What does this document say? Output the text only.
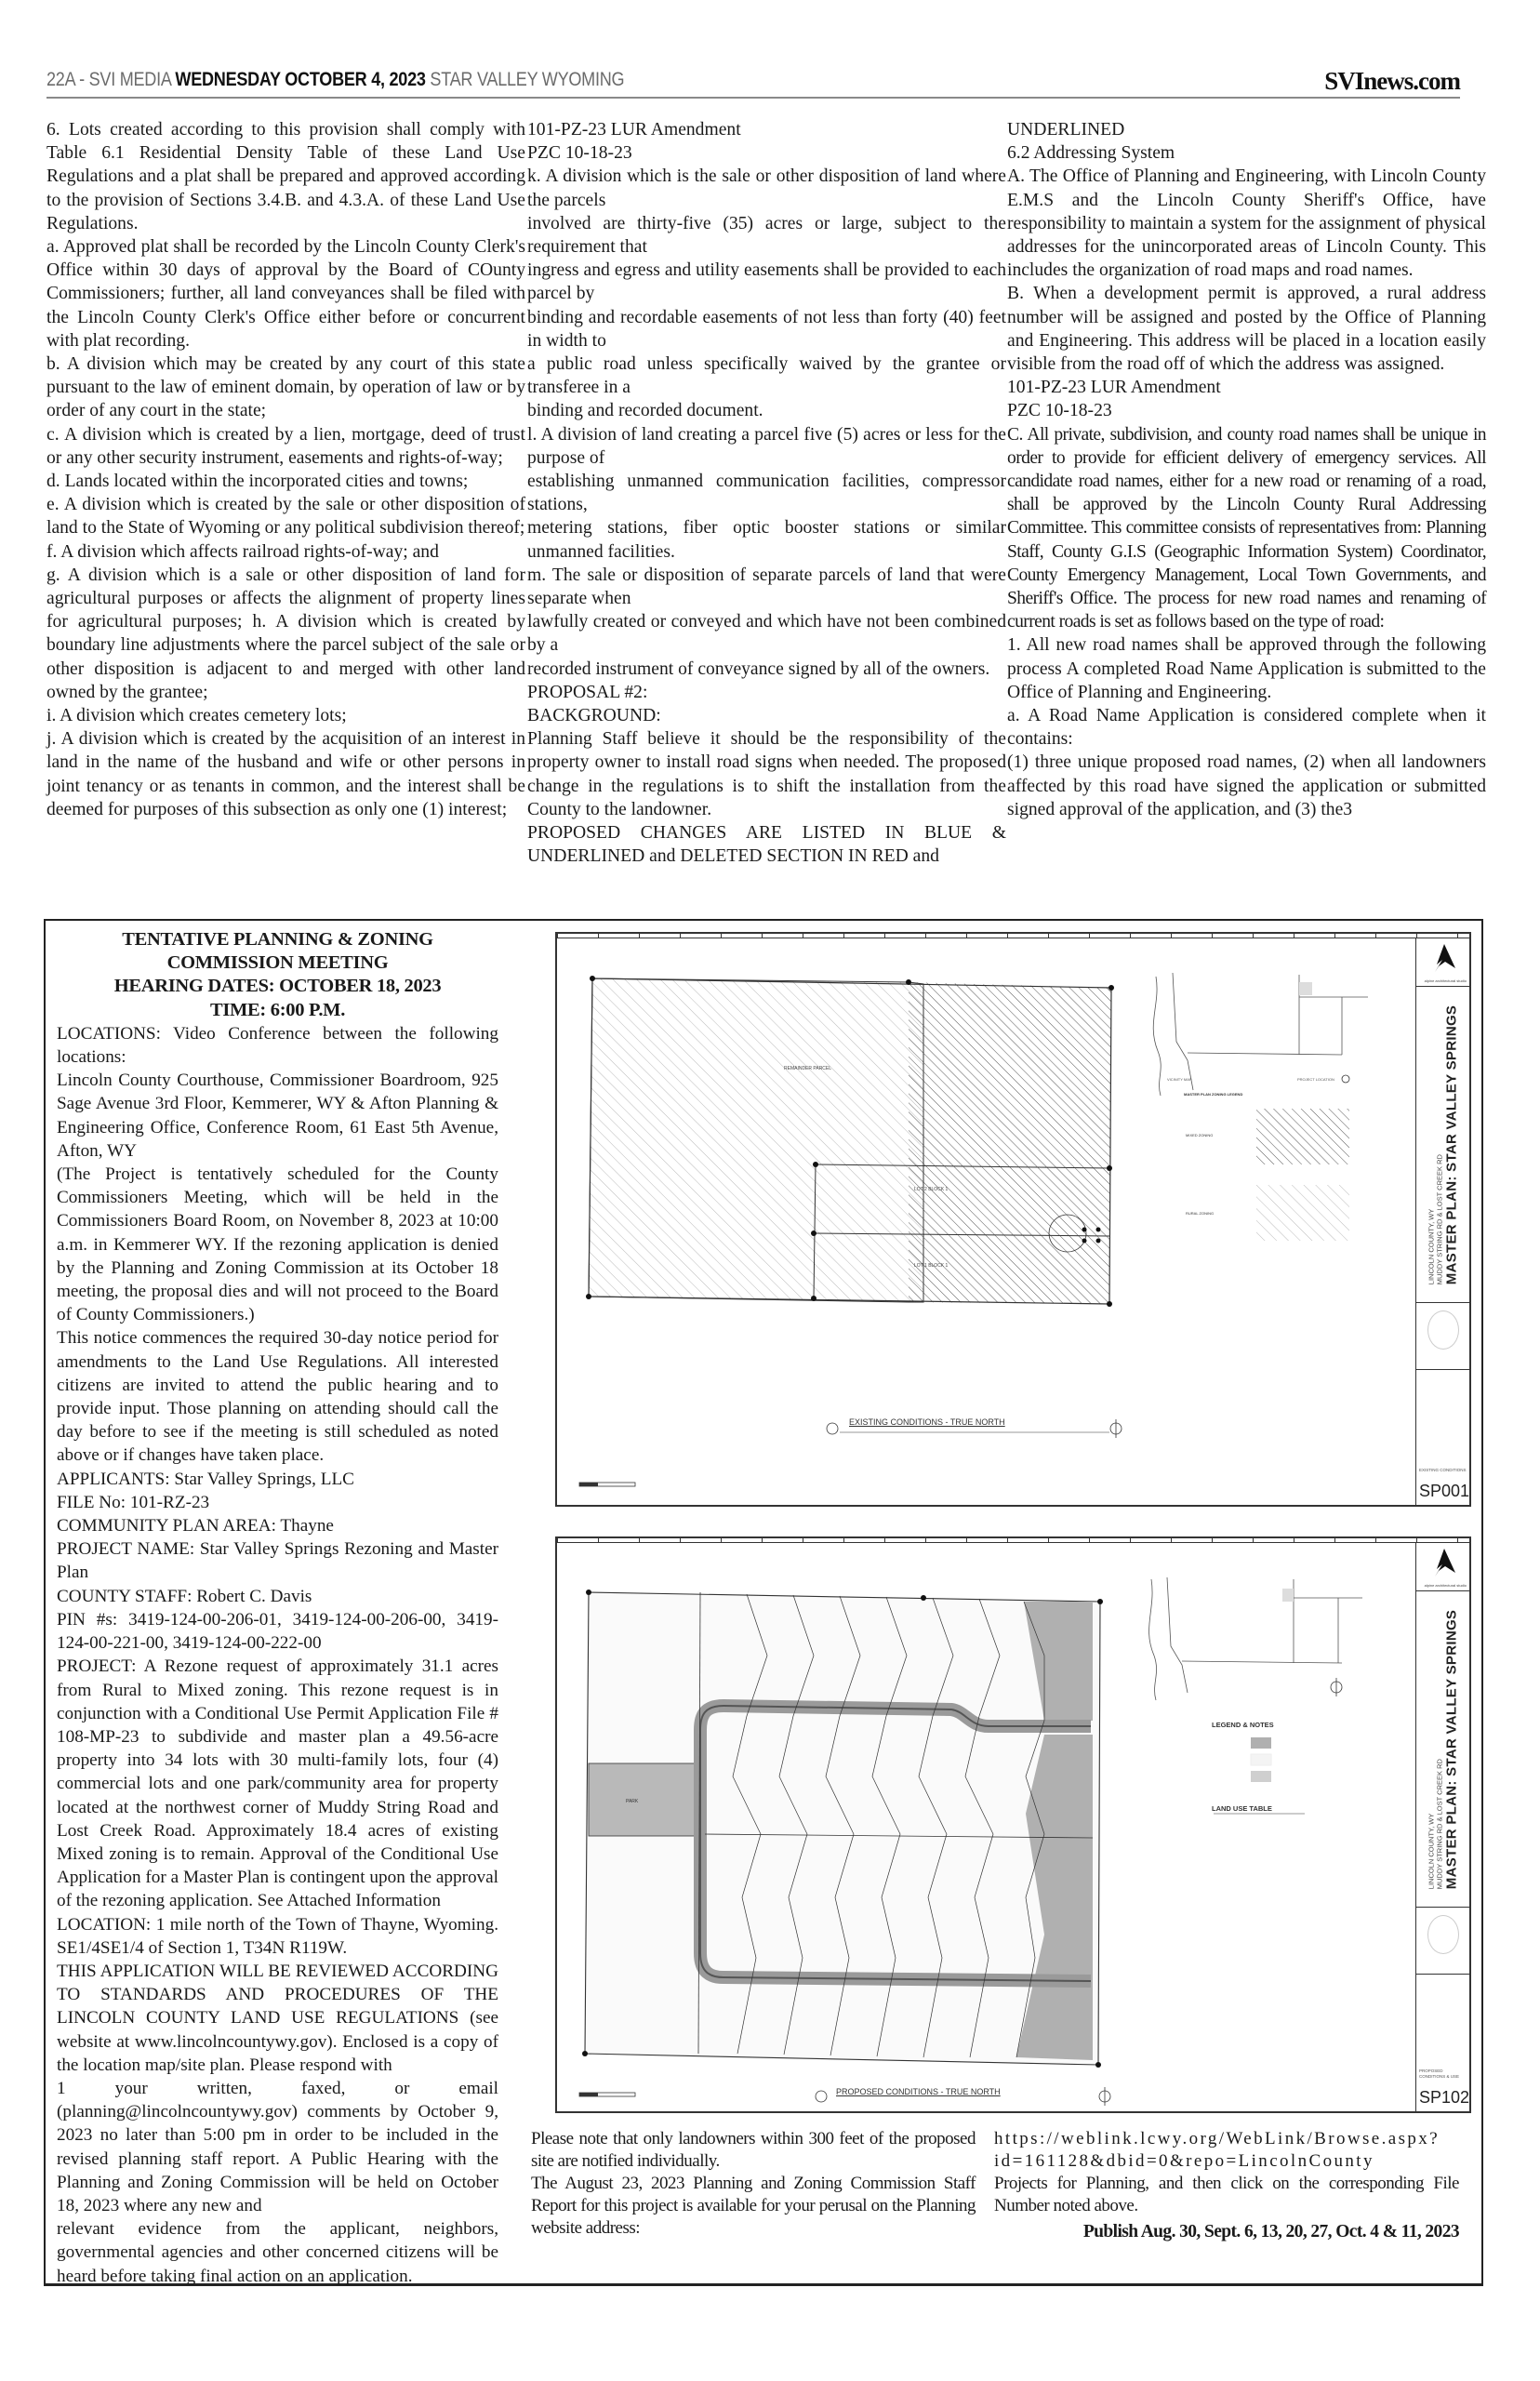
22A - SVI MEDIA WEDNESDAY OCTOBER 4, 2023 STAR VALLEY WYOMING	SVInews.com

6. Lots created according to this provision shall comply with Table 6.1 Residential Density Table of these Land Use Regulations and a plat shall be prepared and approved according to the provision of Sections 3.4.B. and 4.3.A. of these Land Use Regulations.

a. Approved plat shall be recorded by the Lincoln County Clerk's Office within 30 days of approval by the Board of COunty Commissioners; further, all land conveyances shall be filed with the Lincoln County Clerk's Office either before or concurrent with plat recording.

b. A division which may be created by any court of this state pursuant to the law of eminent domain, by operation of law or by order of any court in the state;

c. A division which is created by a lien, mortgage, deed of trust or any other security instrument, easements and rights-of-way;

d. Lands located within the incorporated cities and towns;

e. A division which is created by the sale or other disposition of land to the State of Wyoming or any political subdivision thereof;

f. A division which affects railroad rights-of-way; and

g. A division which is a sale or other disposition of land for agricultural purposes or affects the alignment of property lines for agricultural purposes; h. A division which is created by boundary line adjustments where the parcel subject of the sale or other disposition is adjacent to and merged with other land owned by the grantee;

i. A division which creates cemetery lots;

j. A division which is created by the acquisition of an interest in land in the name of the husband and wife or other persons in joint tenancy or as tenants in common, and the interest shall be deemed for purposes of this subsection as only one (1) interest;

101-PZ-23 LUR Amendment

PZC 10-18-23

k. A division which is the sale or other disposition of land where the parcels

involved are thirty-five (35) acres or large, subject to the requirement that

ingress and egress and utility easements shall be provided to each parcel by

binding and recordable easements of not less than forty (40) feet in width to

a public road unless specifically waived by the grantee or transferee in a

binding and recorded document.

l. A division of land creating a parcel five (5) acres or less for the purpose of

establishing unmanned communication facilities, compressor stations,

metering stations, fiber optic booster stations or similar unmanned facilities.

m. The sale or disposition of separate parcels of land that were separate when

lawfully created or conveyed and which have not been combined by a

recorded instrument of conveyance signed by all of the owners.

PROPOSAL #2:

BACKGROUND:

Planning Staff believe it should be the responsibility of the property owner to install road signs when needed. The proposed change in the regulations is to shift the installation from the County to the landowner.

PROPOSED CHANGES ARE LISTED IN BLUE & UNDERLINED and DELETED SECTION IN RED and

UNDERLINED

6.2 Addressing System

A. The Office of Planning and Engineering, with Lincoln County E.M.S and the Lincoln County Sheriff's Office, have responsibility to maintain a system for the assignment of physical addresses for the unincorporated areas of Lincoln County. This includes the organization of road maps and road names.

B. When a development permit is approved, a rural address number will be assigned and posted by the Office of Planning and Engineering. This address will be placed in a location easily visible from the road off of which the address was assigned.

101-PZ-23 LUR Amendment

PZC 10-18-23

C. All private, subdivision, and county road names shall be unique in order to provide for efficient delivery of emergency services. All candidate road names, either for a new road or renaming of a road, shall be approved by the Lincoln County Rural Addressing Committee. This committee consists of representatives from: Planning Staff, County G.I.S (Geographic Information System) Coordinator, County Emergency Management, Local Town Governments, and Sheriff's Office. The process for new road names and renaming of current roads is set as follows based on the type of road:

1. All new road names shall be approved through the following process A completed Road Name Application is submitted to the Office of Planning and Engineering.

a. A Road Name Application is considered complete when it contains:

(1) three unique proposed road names, (2) when all landowners affected by this road have signed the application or submitted signed approval of the application, and (3) the3

TENTATIVE PLANNING & ZONING COMMISSION MEETING

HEARING DATES: OCTOBER 18, 2023

TIME: 6:00 P.M.

LOCATIONS: Video Conference between the following locations:

Lincoln County Courthouse, Commissioner Boardroom, 925 Sage Avenue 3rd Floor, Kemmerer, WY & Afton Planning & Engineering Office, Conference Room, 61 East 5th Avenue, Afton, WY

(The Project is tentatively scheduled for the County Commissioners Meeting, which will be held in the Commissioners Board Room, on November 8, 2023 at 10:00 a.m. in Kemmerer WY. If the rezoning application is denied by the Planning and Zoning Commission at its October 18 meeting, the proposal dies and will not proceed to the Board of County Commissioners.)

This notice commences the required 30-day notice period for amendments to the Land Use Regulations. All interested citizens are invited to attend the public hearing and to provide input. Those planning on attending should call the day before to see if the meeting is still scheduled as noted above or if changes have taken place.

APPLICANTS: Star Valley Springs, LLC

FILE No: 101-RZ-23

COMMUNITY PLAN AREA: Thayne

PROJECT NAME: Star Valley Springs Rezoning and Master Plan

COUNTY STAFF: Robert C. Davis

PIN #s: 3419-124-00-206-01, 3419-124-00-206-00, 3419-124-00-221-00, 3419-124-00-222-00

PROJECT: A Rezone request of approximately 31.1 acres from Rural to Mixed zoning. This rezone request is in conjunction with a Conditional Use Permit Application File # 108-MP-23 to subdivide and master plan a 49.56-acre property into 34 lots with 30 multi-family lots, four (4) commercial lots and one park/community area for property located at the northwest corner of Muddy String Road and Lost Creek Road. Approximately 18.4 acres of existing Mixed zoning is to remain. Approval of the Conditional Use Application for a Master Plan is contingent upon the approval of the rezoning application. See Attached Information

LOCATION: 1 mile north of the Town of Thayne, Wyoming. SE1/4SE1/4 of Section 1, T34N R119W.

THIS APPLICATION WILL BE REVIEWED ACCORDING TO STANDARDS AND PROCEDURES OF THE LINCOLN COUNTY LAND USE REGULATIONS (see website at www.lincolncountywy.gov). Enclosed is a copy of the location map/site plan. Please respond with

1 your written, faxed, or email (planning@lincolncountywy.gov) comments by October 9, 2023 no later than 5:00 pm in order to be included in the revised planning staff report. A Public Hearing with the Planning and Zoning Commission will be held on October 18, 2023 where any new and

relevant evidence from the applicant, neighbors, governmental agencies and other concerned citizens will be heard before taking final action on an application.

REMAINDER PARCEL
LOT 2 BLOCK 1
LOT 1 BLOCK 1
VICINITY MAP	PROJECT LOCATION
MASTER PLAN ZONING LEGEND
MIXED ZONING
RURAL ZONING
EXISTING CONDITIONS - TRUE NORTH
alpine architectural studio
LINCOLN COUNTY, WY MUDDY STRING RD & LOST CREEK RD MASTER PLAN: STAR VALLEY SPRINGS
EXISTING CONDITIONS
SP001
PARK
LEGEND & NOTES
LAND USE TABLE
PROPOSED CONDITIONS - TRUE NORTH
alpine architectural studio
LINCOLN COUNTY, WY MUDDY STRING RD & LOST CREEK RD MASTER PLAN: STAR VALLEY SPRINGS
PROPOSED CONDITIONS & USE
SP102

Please note that only landowners within 300 feet of the proposed site are notified individually.

The August 23, 2023 Planning and Zoning Commission Staff Report for this project is available for your perusal on the Planning website address:

https://weblink.lcwy.org/WebLink/Browse.aspx?id=161128&dbid=0&repo=LincolnCounty

Projects for Planning, and then click on the corresponding File Number noted above.

Publish Aug. 30, Sept. 6, 13, 20, 27, Oct. 4 & 11, 2023
